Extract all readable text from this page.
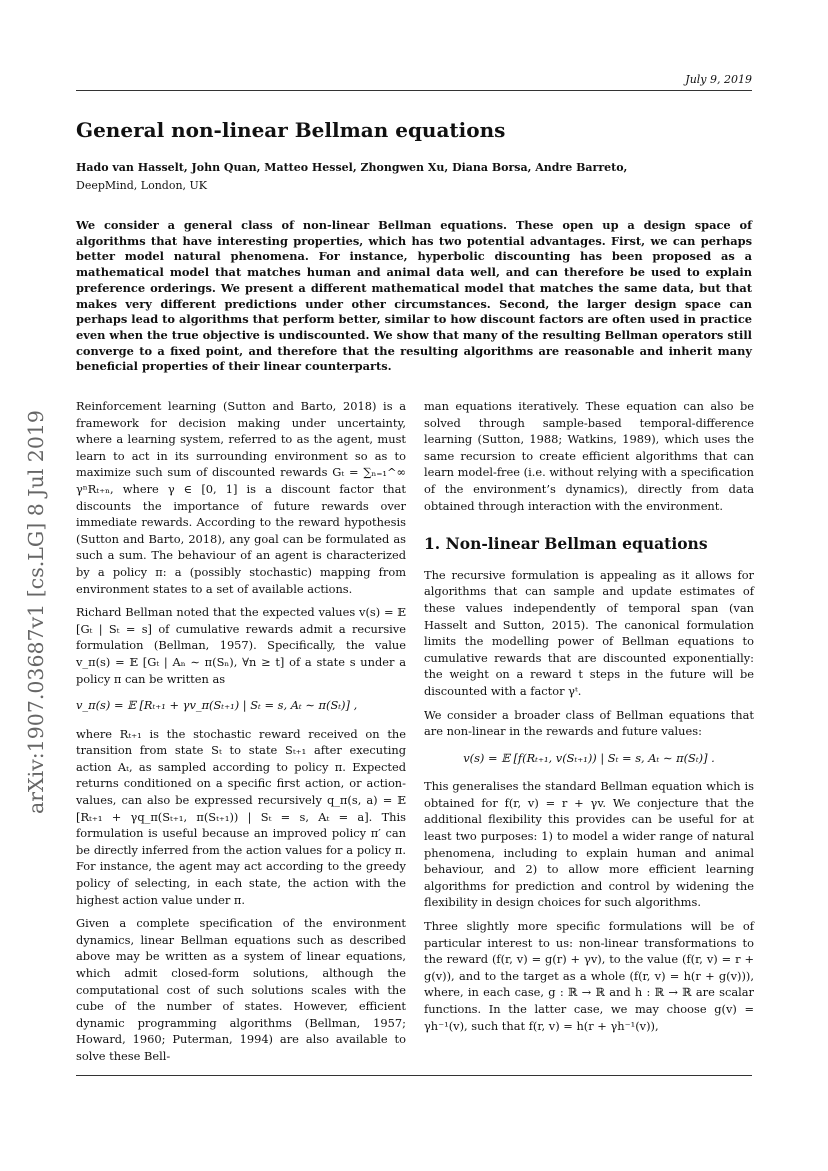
July 9, 2019
arXiv:1907.03687v1 [cs.LG] 8 Jul 2019
General non-linear Bellman equations
Hado van Hasselt, John Quan, Matteo Hessel, Zhongwen Xu, Diana Borsa, Andre Barreto,
DeepMind, London, UK

We consider a general class of non-linear Bellman equations. These open up a design space of algorithms that have interesting properties, which has two potential advantages. First, we can perhaps better model natural phenomena. For instance, hyperbolic discounting has been proposed as a mathematical model that matches human and animal data well, and can therefore be used to explain preference orderings. We present a different mathematical model that matches the same data, but that makes very different predictions under other circumstances. Second, the larger design space can perhaps lead to algorithms that perform better, similar to how discount factors are often used in practice even when the true objective is undiscounted. We show that many of the resulting Bellman operators still converge to a fixed point, and therefore that the resulting algorithms are reasonable and inherit many beneficial properties of their linear counterparts.

Reinforcement learning (Sutton and Barto, 2018) is a framework for decision making under uncertainty, where a learning system, referred to as the agent, must learn to act in its surrounding environment so as to maximize such sum of discounted rewards Gₜ = ∑ₙ₌₁^∞ γⁿRₜ₊ₙ, where γ ∈ [0, 1] is a discount factor that discounts the importance of future rewards over immediate rewards. According to the reward hypothesis (Sutton and Barto, 2018), any goal can be formulated as such a sum. The behaviour of an agent is characterized by a policy π: a (possibly stochastic) mapping from environment states to a set of available actions.

Richard Bellman noted that the expected values v(s) = 𝔼 [Gₜ | Sₜ = s] of cumulative rewards admit a recursive formulation (Bellman, 1957). Specifically, the value v_π(s) = 𝔼 [Gₜ | Aₙ ∼ π(Sₙ), ∀n ≥ t] of a state s under a policy π can be written as

v_π(s) = 𝔼 [Rₜ₊₁ + γv_π(Sₜ₊₁) | Sₜ = s, Aₜ ∼ π(Sₜ)] ,

where Rₜ₊₁ is the stochastic reward received on the transition from state Sₜ to state Sₜ₊₁ after executing action Aₜ, as sampled according to policy π. Expected returns conditioned on a specific first action, or action-values, can also be expressed recursively q_π(s, a) = 𝔼 [Rₜ₊₁ + γq_π(Sₜ₊₁, π(Sₜ₊₁)) | Sₜ = s, Aₜ = a]. This formulation is useful because an improved policy π′ can be directly inferred from the action values for a policy π. For instance, the agent may act according to the greedy policy of selecting, in each state, the action with the highest action value under π.

Given a complete specification of the environment dynamics, linear Bellman equations such as described above may be written as a system of linear equations, which admit closed-form solutions, although the computational cost of such solutions scales with the cube of the number of states. However, efficient dynamic programming algorithms (Bellman, 1957; Howard, 1960; Puterman, 1994) are also available to solve these Bell-

man equations iteratively. These equation can also be solved through sample-based temporal-difference learning (Sutton, 1988; Watkins, 1989), which uses the same recursion to create efficient algorithms that can learn model-free (i.e. without relying with a specification of the environment’s dynamics), directly from data obtained through interaction with the environment.

1. Non-linear Bellman equations

The recursive formulation is appealing as it allows for algorithms that can sample and update estimates of these values independently of temporal span (van Hasselt and Sutton, 2015). The canonical formulation limits the modelling power of Bellman equations to cumulative rewards that are discounted exponentially: the weight on a reward t steps in the future will be discounted with a factor γᵗ.

We consider a broader class of Bellman equations that are non-linear in the rewards and future values:

v(s) = 𝔼 [f(Rₜ₊₁, v(Sₜ₊₁)) | Sₜ = s, Aₜ ∼ π(Sₜ)] .

This generalises the standard Bellman equation which is obtained for f(r, v) = r + γv. We conjecture that the additional flexibility this provides can be useful for at least two purposes: 1) to model a wider range of natural phenomena, including to explain human and animal behaviour, and 2) to allow more efficient learning algorithms for prediction and control by widening the flexibility in design choices for such algorithms.

Three slightly more specific formulations will be of particular interest to us: non-linear transformations to the reward (f(r, v) = g(r) + γv), to the value (f(r, v) = r + g(v)), and to the target as a whole (f(r, v) = h(r + g(v))), where, in each case, g : ℝ → ℝ and h : ℝ → ℝ are scalar functions. In the latter case, we may choose g(v) = γh⁻¹(v), such that f(r, v) = h(r + γh⁻¹(v)),
